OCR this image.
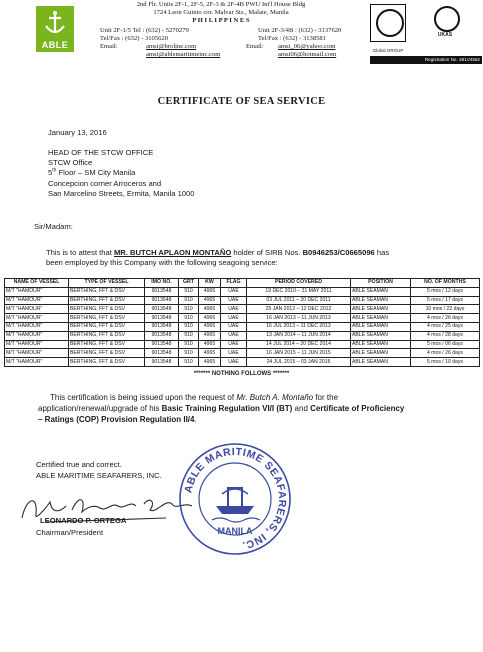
ABLE
2nd Flr. Units 2F-1, 2F-5, 2F-3 & 2F-4B PWU Int'l House Bldg
1724 Leon Guinto cor. Malvar Sts., Malate, Manila
P H I L I P P I N E S
Unit 2F-1/5 Tel : (632) - 5270279
Tel/Fax : (632) - 3105620
Email:	amsi@broline.com
amsi@ablemaritimeinc.com
Unit 2F-3/4B : (632) - 3137620
Tel/Fax : (632) - 3138581
Email: amsi_06@yahoo.com
amsi06@hotmail.com
Global GROUP
UKAS
Registration No. 381V4562
CERTIFICATE OF SEA SERVICE
January 13, 2016
HEAD OF THE STCW OFFICE
STCW Office
5th Floor – SM City Manila
Concepcion corner Arroceros and
San Marcelino Streets, Ermita, Manila 1000
Sir/Madam:
This is to attest that MR. BUTCH APLAON MONTAÑO holder of SIRB Nos. B0946253/C0665096 has
been employed by this Company with the following seagoing service:
NAME OF VESSEL	TYPE OF VESSEL	IMO NO.	GRT	KW	FLAG	PERIOD COVERED	POSITION	NO. OF MONTHS
M/T "HAMOUR"	BERTHING, FFT & DSV	9013548	910	4965	UAE	19 DEC 2010 – 31 MAY 2011	ABLE SEAMAN	5 mos / 12 days
M/T "HAMOUR"	BERTHING, FFT & DSV	9013548	910	4965	UAE	03 JUL 2011 – 20 DEC 2011	ABLE SEAMAN	5 mos / 17 days
M/T "HAMOUR"	BERTHING, FFT & DSV	9013548	910	4965	UAE	25 JAN 2012 – 12 DEC 2012	ABLE SEAMAN	10 mos / 22 days
M/T "HAMOUR"	BERTHING, FFT & DSV	9013548	910	4965	UAE	16 JAN 2013 – 11 JUN 2013	ABLE SEAMAN	4 mos / 26 days
M/T "HAMOUR"	BERTHING, FFT & DSV	9013548	910	4965	UAE	16 JUL 2013 – 11 DEC 2013	ABLE SEAMAN	4 mos / 25 days
M/T "HAMOUR"	BERTHING, FFT & DSV	9013548	910	4965	UAE	13 JAN 2014 – 11 JUN 2014	ABLE SEAMAN	4 mos / 28 days
M/T "HAMOUR"	BERTHING, FFT & DSV	9013548	910	4965	UAE	14 JUL 2014 – 20 DEC 2014	ABLE SEAMAN	5 mos / 06 days
M/T "HAMOUR"	BERTHING, FFT & DSV	9013548	910	4965	UAE	16 JAN 2015 – 11 JUN 2015	ABLE SEAMAN	4 mos / 26 days
M/T "HAMOUR"	BERTHING, FFT & DSV	9013548	910	4965	UAE	24 JUL 2015 – 03 JAN 2016	ABLE SEAMAN	5 mos / 10 days
******* NOTHING FOLLOWS *******
This certification is being issued upon the request of Mr. Butch A. Montaño for the
application/renewal/upgrade of his Basic Training Regulation VI/I (BT) and Certificate of Proficiency
– Ratings (COP) Provision Regulation II/4.
Certified true and correct.
ABLE MARITIME SEAFARERS, INC.
LEONARDO P. ORTEGA
Chairman/President
ABLE MARITIME SEAFARERS, INC.
MANILA
